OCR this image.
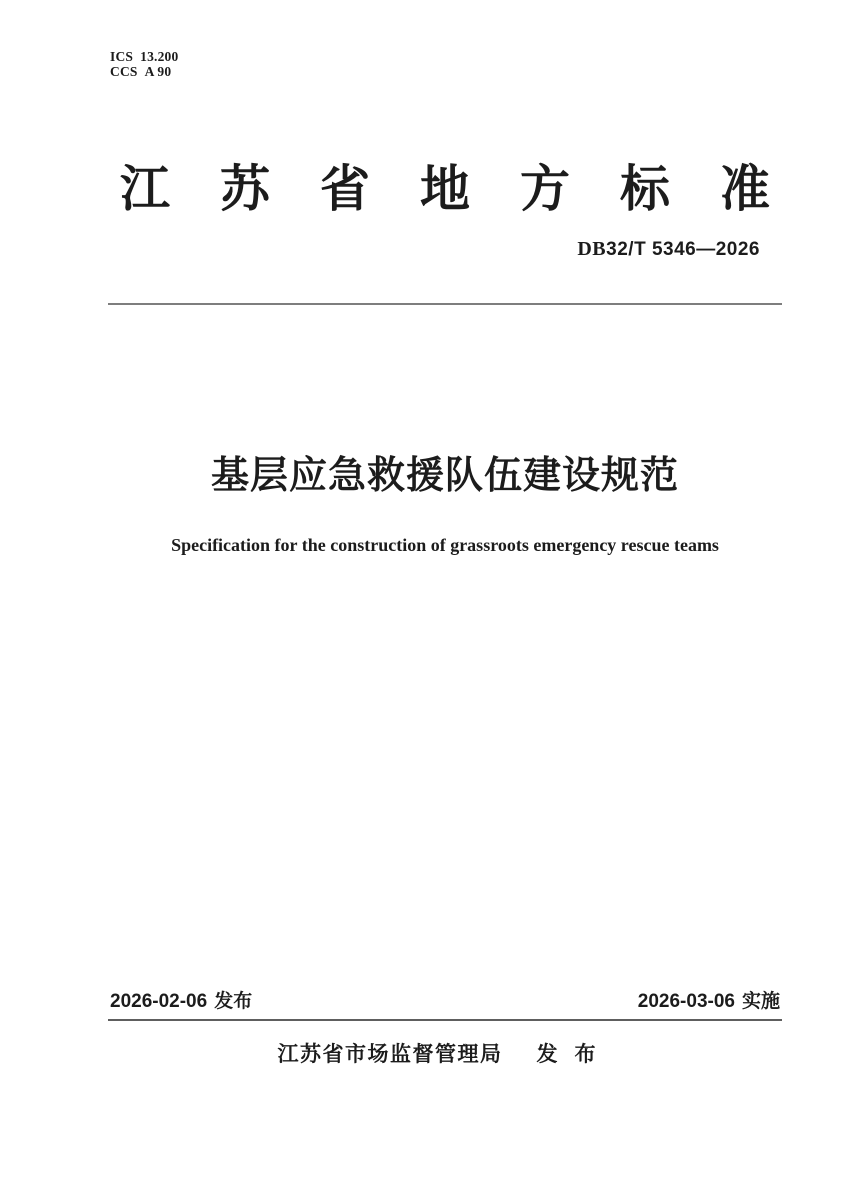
ICS 13.200
CCS A 90
江 苏 省 地 方 标 准
DB32/T 5346—2026
基层应急救援队伍建设规范
Specification for the construction of grassroots emergency rescue teams
2026-02-06 发布	2026-03-06 实施
江苏省市场监督管理局 发布
